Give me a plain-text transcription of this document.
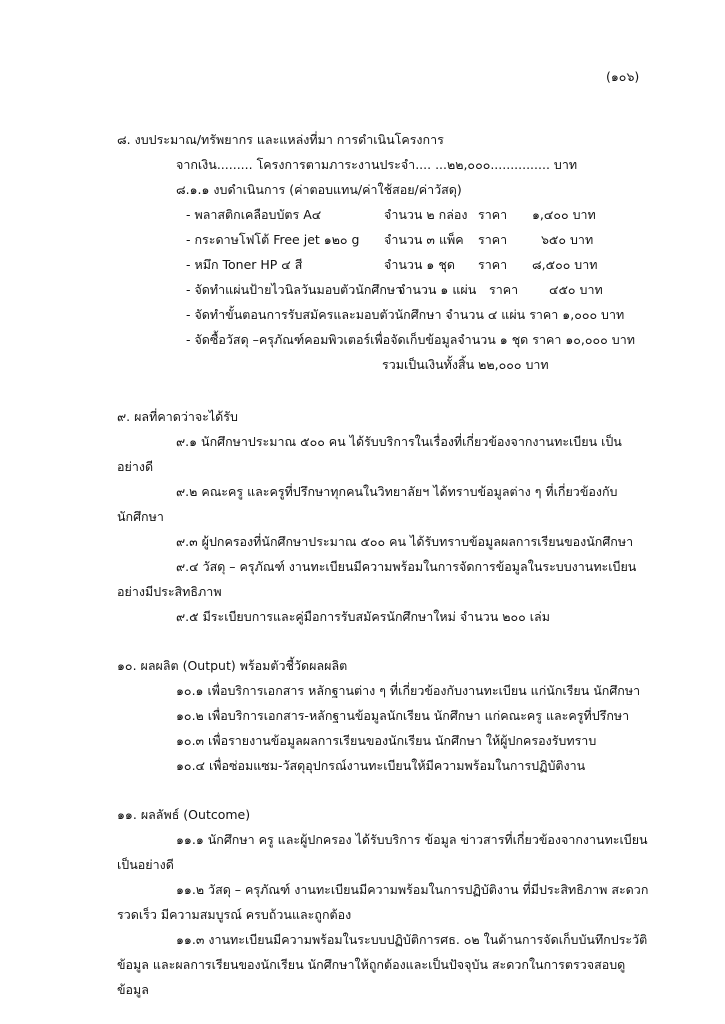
(๑๐๖)
๘. งบประมาณ/ทรัพยากร และแหล่งที่มา การดำเนินโครงการ
จากเงิน......... โครงการตามภาระงานประจำ.... ...๒๒,๐๐๐............... บาท
๘.๑.๑ งบดำเนินการ (ค่าตอบแทน/ค่าใช้สอย/ค่าวัสดุ)
- พลาสติกเคลือบบัตร A๔	จำนวน ๒ กล่อง ราคา ๑,๔๐๐ บาท
- กระดาษโฟโต้ Free jet ๑๒๐ g จำนวน ๓ แพ็ค ราคา	๖๕๐ บาท
- หมึก Toner HP ๔ สี	จำนวน ๑ ชุด ราคา ๘,๕๐๐ บาท
- จัดทำแผ่นป้ายไวนิลวันมอบตัวนักศึกษา
จำนวน ๑ แผ่น ราคา ๔๕๐ บาท
- จัดทำขั้นตอนการรับสมัครและมอบตัวนักศึกษา จำนวน ๔ แผ่น ราคา ๑,๐๐๐ บาท
- จัดซื้อวัสดุ –ครุภัณฑ์คอมพิวเตอร์เพื่อจัดเก็บข้อมูลจำนวน ๑ ชุด ราคา ๑๐,๐๐๐ บาท
รวมเป็นเงินทั้งสิ้น ๒๒,๐๐๐ บาท
๙. ผลที่คาดว่าจะได้รับ
๙.๑ นักศึกษาประมาณ ๕๐๐ คน ได้รับบริการในเรื่องที่เกี่ยวข้องจากงานทะเบียน เป็น
อย่างดี
๙.๒ คณะครู และครูที่ปรึกษาทุกคนในวิทยาลัยฯ ได้ทราบข้อมูลต่าง ๆ ที่เกี่ยวข้องกับ
นักศึกษา
๙.๓ ผู้ปกครองที่นักศึกษาประมาณ ๕๐๐ คน ได้รับทราบข้อมูลผลการเรียนของนักศึกษา
๙.๔ วัสดุ – ครุภัณฑ์ งานทะเบียนมีความพร้อมในการจัดการข้อมูลในระบบงานทะเบียน
อย่างมีประสิทธิภาพ
๙.๕ มีระเบียบการและคู่มือการรับสมัครนักศึกษาใหม่ จำนวน ๒๐๐ เล่ม
๑๐. ผลผลิต (Output) พร้อมตัวชี้วัดผลผลิต
๑๐.๑ เพื่อบริการเอกสาร หลักฐานต่าง ๆ ที่เกี่ยวข้องกับงานทะเบียน แก่นักเรียน นักศึกษา
๑๐.๒ เพื่อบริการเอกสาร-หลักฐานข้อมูลนักเรียน นักศึกษา แก่คณะครู และครูที่ปรึกษา
๑๐.๓ เพื่อรายงานข้อมูลผลการเรียนของนักเรียน นักศึกษา ให้ผู้ปกครองรับทราบ
๑๐.๔ เพื่อซ่อมแซม-วัสดุอุปกรณ์งานทะเบียนให้มีความพร้อมในการปฏิบัติงาน
๑๑. ผลลัพธ์ (Outcome)
๑๑.๑ นักศึกษา ครู และผู้ปกครอง ได้รับบริการ ข้อมูล ข่าวสารที่เกี่ยวข้องจากงานทะเบียน
เป็นอย่างดี
๑๑.๒ วัสดุ – ครุภัณฑ์ งานทะเบียนมีความพร้อมในการปฏิบัติงาน ที่มีประสิทธิภาพ สะดวก
รวดเร็ว มีความสมบูรณ์ ครบถ้วนและถูกต้อง
๑๑.๓ งานทะเบียนมีความพร้อมในระบบปฏิบัติการศธ. ๐๒ ในด้านการจัดเก็บบันทึกประวัติ
ข้อมูล และผลการเรียนของนักเรียน นักศึกษาให้ถูกต้องและเป็นปัจจุบัน สะดวกในการตรวจสอบดู
ข้อมูล
